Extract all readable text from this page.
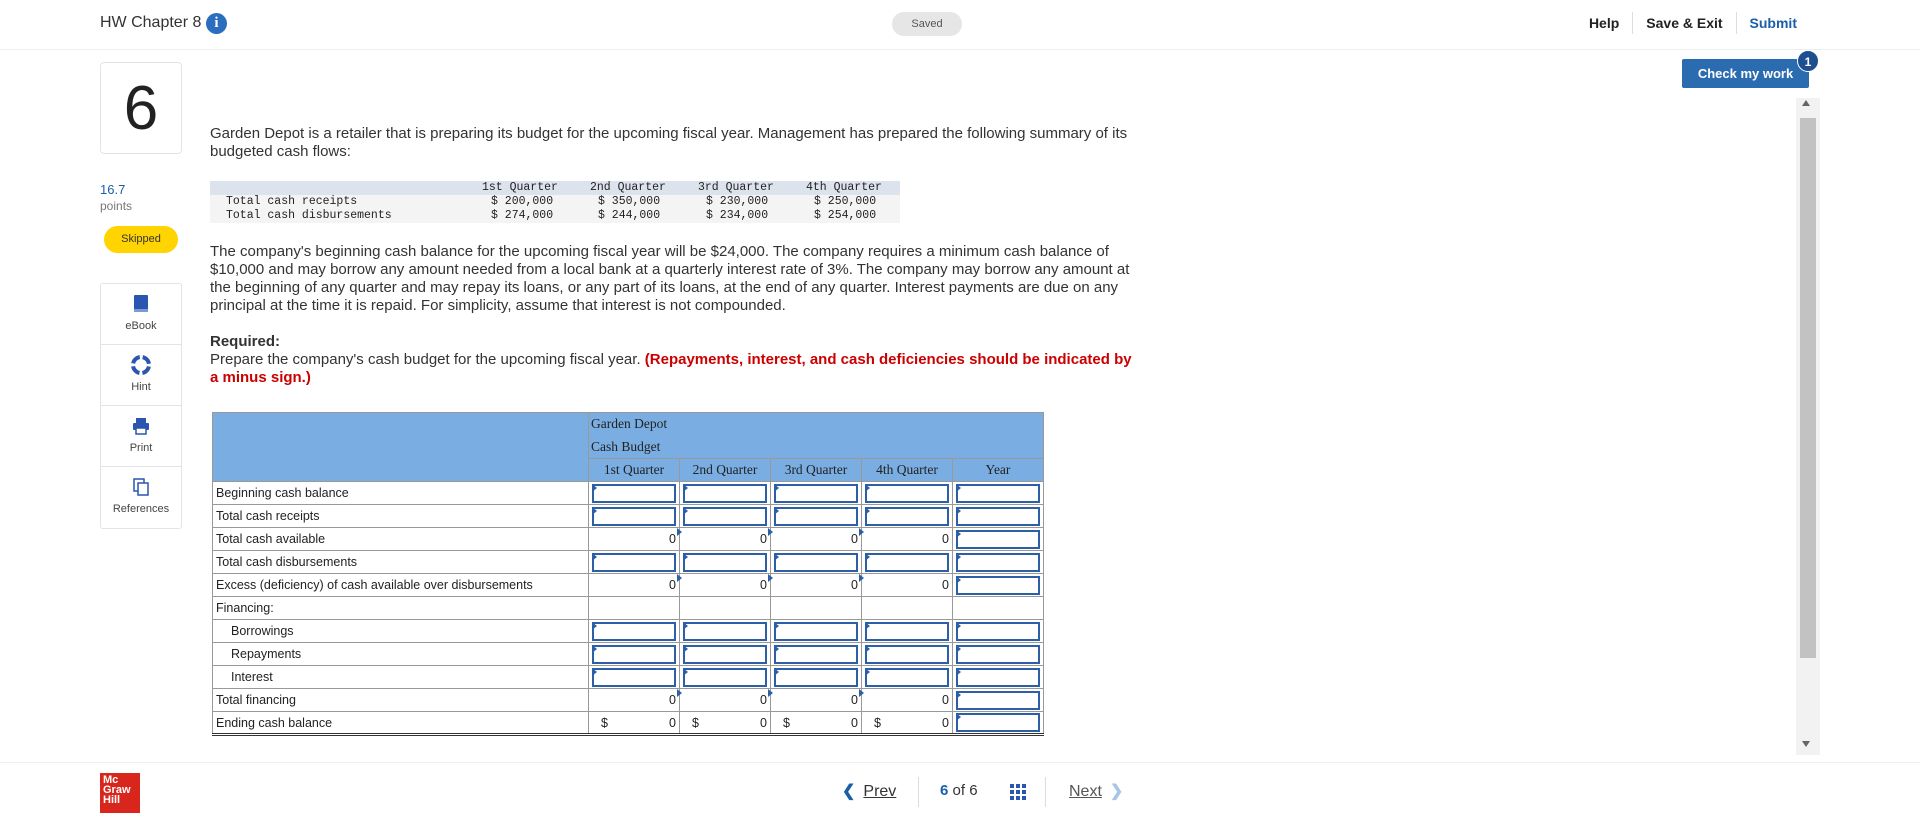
HW Chapter 8 i	Saved	Help	Save & Exit	Submit
Check my work
1
6
16.7
points
Skipped
eBook
Hint
Print
References
Garden Depot is a retailer that is preparing its budget for the upcoming fiscal year. Management has prepared the following summary of its budgeted cash flows:
1st Quarter	2nd Quarter	3rd Quarter	4th Quarter
Total cash receipts	$ 200,000	$ 350,000	$ 230,000	$ 250,000
Total cash disbursements	$ 274,000	$ 244,000	$ 234,000	$ 254,000
The company's beginning cash balance for the upcoming fiscal year will be $24,000. The company requires a minimum cash balance of $10,000 and may borrow any amount needed from a local bank at a quarterly interest rate of 3%. The company may borrow any amount at the beginning of any quarter and may repay its loans, or any part of its loans, at the end of any quarter. Interest payments are due on any principal at the time it is repaid. For simplicity, assume that interest is not compounded.
Required:
Prepare the company's cash budget for the upcoming fiscal year. (Repayments, interest, and cash deficiencies should be indicated by a minus sign.)
	Garden Depot				
	Cash Budget				
	1st Quarter	2nd Quarter	3rd Quarter	4th Quarter	Year
Beginning cash balance	

Total cash receipts	

Total cash available	0	0	0	0	

Total cash disbursements	

Excess (deficiency) of cash available over disbursements	0	0	0	0	

Financing:					
Borrowings	

Repayments	

Interest	

Total financing	0	0	0	0	

Ending cash balance	$ 0	$ 0	$ 0	$ 0	
Mc
Graw
Hill	❮ Prev	6 of 6	Next ❯
